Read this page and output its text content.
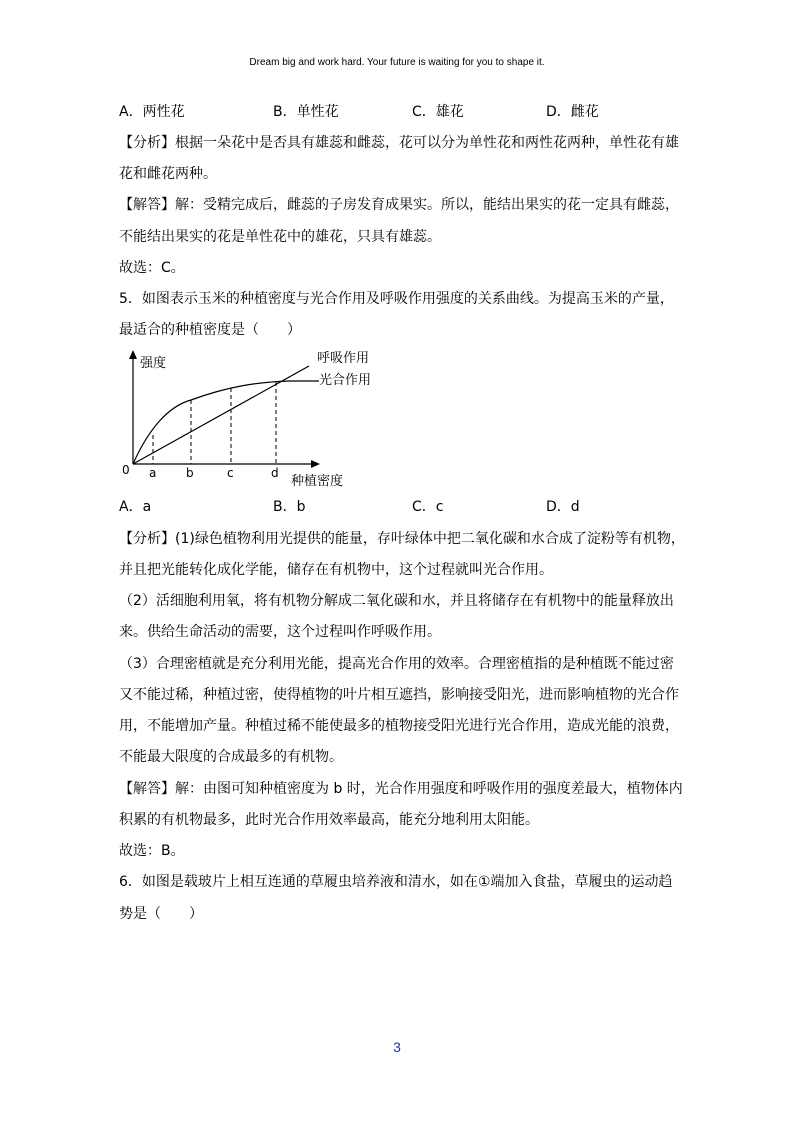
Dream big and work hard. Your future is waiting for you to shape it.
A．两性花	B．单性花	C．雄花	D．雌花
【分析】根据一朵花中是否具有雄蕊和雌蕊，花可以分为单性花和两性花两种，单性花有雄
花和雌花两种。
【解答】解：受精完成后，雌蕊的子房发育成果实。所以，能结出果实的花一定具有雌蕊，
不能结出果实的花是单性花中的雄花，只具有雄蕊。
故选：C。
5．如图表示玉米的种植密度与光合作用及呼吸作用强度的关系曲线。为提高玉米的产量，
最适合的种植密度是（　　）
强度
0 a b	c	d
种植密度
呼吸作用
光合作用
A．a	B．b	C．c	D．d
【分析】(1)绿色植物利用光提供的能量，存叶绿体中把二氧化碳和水合成了淀粉等有机物，
并且把光能转化成化学能，储存在有机物中，这个过程就叫光合作用。
（2）活细胞利用氧，将有机物分解成二氧化碳和水，并且将储存在有机物中的能量释放出
来。供给生命活动的需要，这个过程叫作呼吸作用。
（3）合理密植就是充分利用光能，提高光合作用的效率。合理密植指的是种植既不能过密
又不能过稀，种植过密，使得植物的叶片相互遮挡，影响接受阳光，进而影响植物的光合作
用，不能增加产量。种植过稀不能使最多的植物接受阳光进行光合作用，造成光能的浪费，
不能最大限度的合成最多的有机物。
【解答】解：由图可知种植密度为 b 时，光合作用强度和呼吸作用的强度差最大，植物体内
积累的有机物最多，此时光合作用效率最高，能充分地利用太阳能。
故选：B。
6．如图是载玻片上相互连通的草履虫培养液和清水，如在①端加入食盐，草履虫的运动趋
势是（　　）
3
